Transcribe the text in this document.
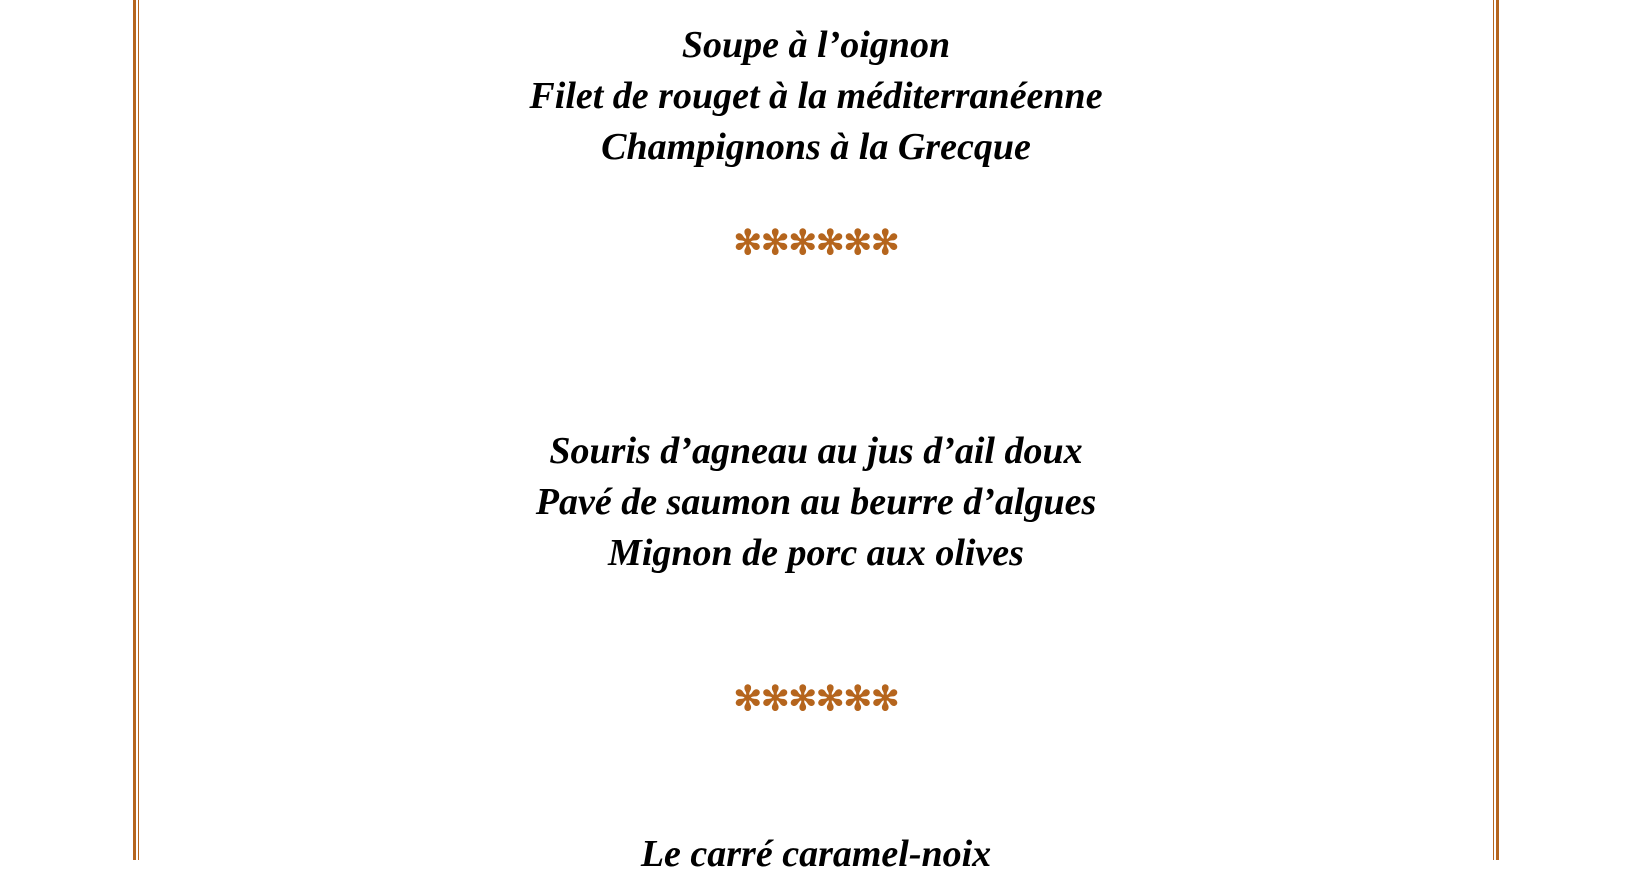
Soupe à l’oignon
Filet de rouget à la méditerranéenne
Champignons à la Grecque
✻✻✻✻✻✻
Souris d’agneau au jus d’ail doux
Pavé de saumon au beurre d’algues
Mignon de porc aux olives
✻✻✻✻✻✻
Le carré caramel-noix
